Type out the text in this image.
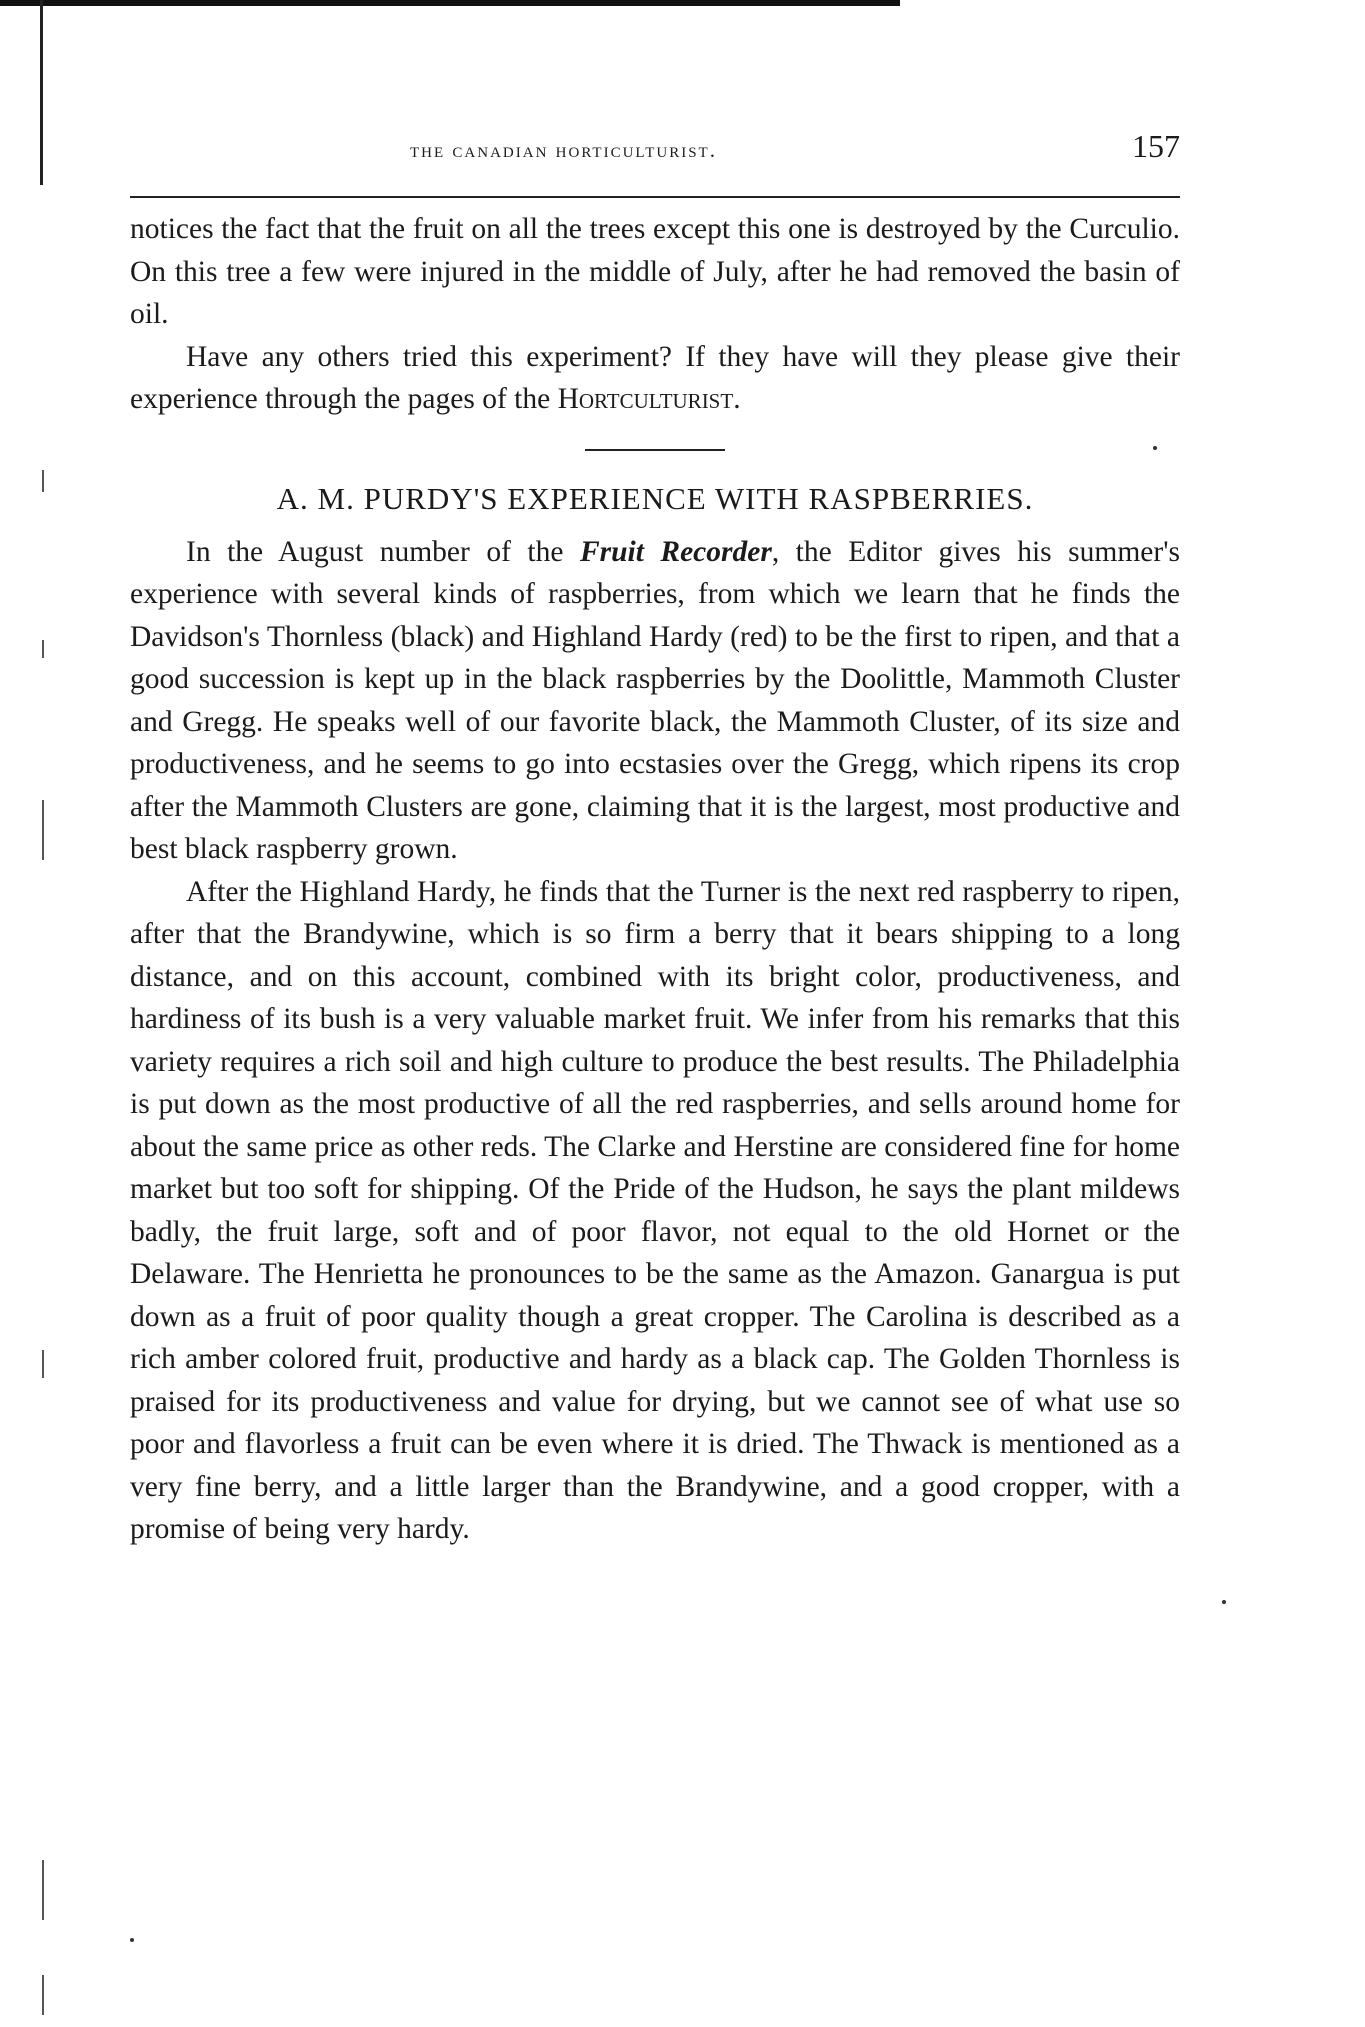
the canadian horticulturist.	157

notices the fact that the fruit on all the trees except this one is destroyed by the Curculio. On this tree a few were injured in the middle of July, after he had removed the basin of oil.

Have any others tried this experiment? If they have will they please give their experience through the pages of the Hortculturist.

A. M. PURDY'S EXPERIENCE WITH RASPBERRIES.

In the August number of the Fruit Recorder, the Editor gives his summer's experience with several kinds of raspberries, from which we learn that he finds the Davidson's Thornless (black) and Highland Hardy (red) to be the first to ripen, and that a good succession is kept up in the black raspberries by the Doolittle, Mammoth Cluster and Gregg. He speaks well of our favorite black, the Mammoth Cluster, of its size and productiveness, and he seems to go into ecstasies over the Gregg, which ripens its crop after the Mammoth Clusters are gone, claiming that it is the largest, most productive and best black raspberry grown.

After the Highland Hardy, he finds that the Turner is the next red raspberry to ripen, after that the Brandywine, which is so firm a berry that it bears shipping to a long distance, and on this account, combined with its bright color, productiveness, and hardiness of its bush is a very valuable market fruit. We infer from his remarks that this variety requires a rich soil and high culture to produce the best results. The Philadelphia is put down as the most productive of all the red raspberries, and sells around home for about the same price as other reds. The Clarke and Herstine are considered fine for home market but too soft for shipping. Of the Pride of the Hudson, he says the plant mildews badly, the fruit large, soft and of poor flavor, not equal to the old Hornet or the Delaware. The Henrietta he pronounces to be the same as the Amazon. Ganargua is put down as a fruit of poor quality though a great cropper. The Carolina is described as a rich amber colored fruit, productive and hardy as a black cap. The Golden Thornless is praised for its productiveness and value for drying, but we cannot see of what use so poor and flavorless a fruit can be even where it is dried. The Thwack is mentioned as a very fine berry, and a little larger than the Brandywine, and a good cropper, with a promise of being very hardy.
